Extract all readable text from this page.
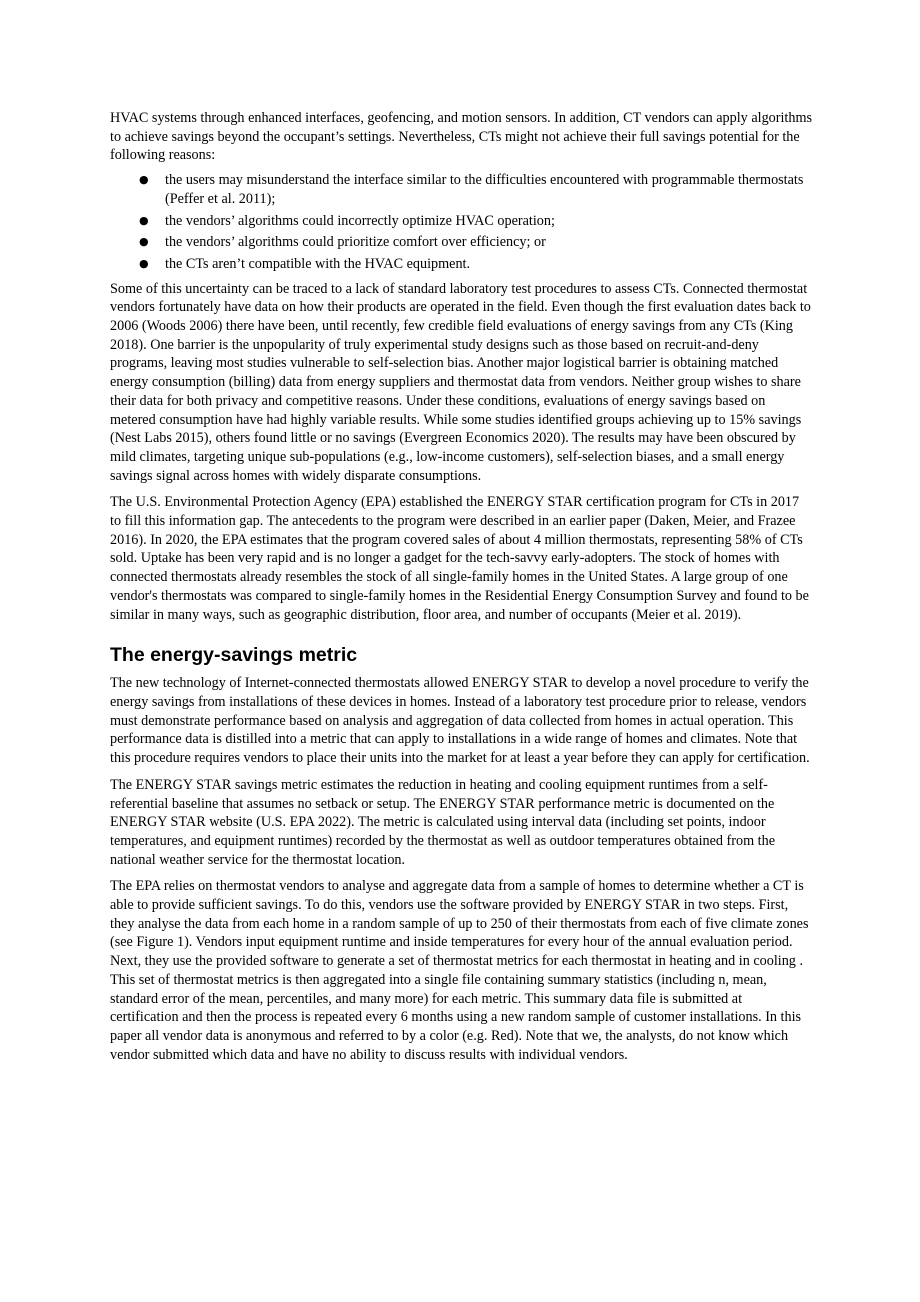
HVAC systems through enhanced interfaces, geofencing, and motion sensors. In addition, CT vendors can apply algorithms to achieve savings beyond the occupant’s settings. Nevertheless, CTs might not achieve their full savings potential for the following reasons:

● the users may misunderstand the interface similar to the difficulties encountered with programmable thermostats (Peffer et al. 2011);
● the vendors’ algorithms could incorrectly optimize HVAC operation;
● the vendors’ algorithms could prioritize comfort over efficiency; or
● the CTs aren’t compatible with the HVAC equipment.

Some of this uncertainty can be traced to a lack of standard laboratory test procedures to assess CTs. Connected thermostat vendors fortunately have data on how their products are operated in the field. Even though the first evaluation dates back to 2006 (Woods 2006) there have been, until recently, few credible field evaluations of energy savings from any CTs (King 2018). One barrier is the unpopularity of truly experimental study designs such as those based on recruit-and-deny programs, leaving most studies vulnerable to self-selection bias. Another major logistical barrier is obtaining matched energy consumption (billing) data from energy suppliers and thermostat data from vendors. Neither group wishes to share their data for both privacy and competitive reasons. Under these conditions, evaluations of energy savings based on metered consumption have had highly variable results. While some studies identified groups achieving up to 15% savings (Nest Labs 2015), others found little or no savings (Evergreen Economics 2020). The results may have been obscured by mild climates, targeting unique sub-populations (e.g., low-income customers), self-selection biases, and a small energy savings signal across homes with widely disparate consumptions.

The U.S. Environmental Protection Agency (EPA) established the ENERGY STAR certification program for CTs in 2017 to fill this information gap. The antecedents to the program were described in an earlier paper (Daken, Meier, and Frazee 2016). In 2020, the EPA estimates that the program covered sales of about 4 million thermostats, representing 58% of CTs sold. Uptake has been very rapid and is no longer a gadget for the tech-savvy early-adopters. The stock of homes with connected thermostats already resembles the stock of all single-family homes in the United States. A large group of one vendor's thermostats was compared to single-family homes in the Residential Energy Consumption Survey and found to be similar in many ways, such as geographic distribution, floor area, and number of occupants (Meier et al. 2019).

The energy-savings metric

The new technology of Internet-connected thermostats allowed ENERGY STAR to develop a novel procedure to verify the energy savings from installations of these devices in homes. Instead of a laboratory test procedure prior to release, vendors must demonstrate performance based on analysis and aggregation of data collected from homes in actual operation. This performance data is distilled into a metric that can apply to installations in a wide range of homes and climates. Note that this procedure requires vendors to place their units into the market for at least a year before they can apply for certification.

The ENERGY STAR savings metric estimates the reduction in heating and cooling equipment runtimes from a self-referential baseline that assumes no setback or setup. The ENERGY STAR performance metric is documented on the ENERGY STAR website (U.S. EPA 2022). The metric is calculated using interval data (including set points, indoor temperatures, and equipment runtimes) recorded by the thermostat as well as outdoor temperatures obtained from the national weather service for the thermostat location.

The EPA relies on thermostat vendors to analyse and aggregate data from a sample of homes to determine whether a CT is able to provide sufficient savings. To do this, vendors use the software provided by ENERGY STAR in two steps. First, they analyse the data from each home in a random sample of up to 250 of their thermostats from each of five climate zones (see Figure 1). Vendors input equipment runtime and inside temperatures for every hour of the annual evaluation period. Next, they use the provided software to generate a set of thermostat metrics for each thermostat in heating and in cooling . This set of thermostat metrics is then aggregated into a single file containing summary statistics (including n, mean, standard error of the mean, percentiles, and many more) for each metric. This summary data file is submitted at certification and then the process is repeated every 6 months using a new random sample of customer installations. In this paper all vendor data is anonymous and referred to by a color (e.g. Red). Note that we, the analysts, do not know which vendor submitted which data and have no ability to discuss results with individual vendors.
